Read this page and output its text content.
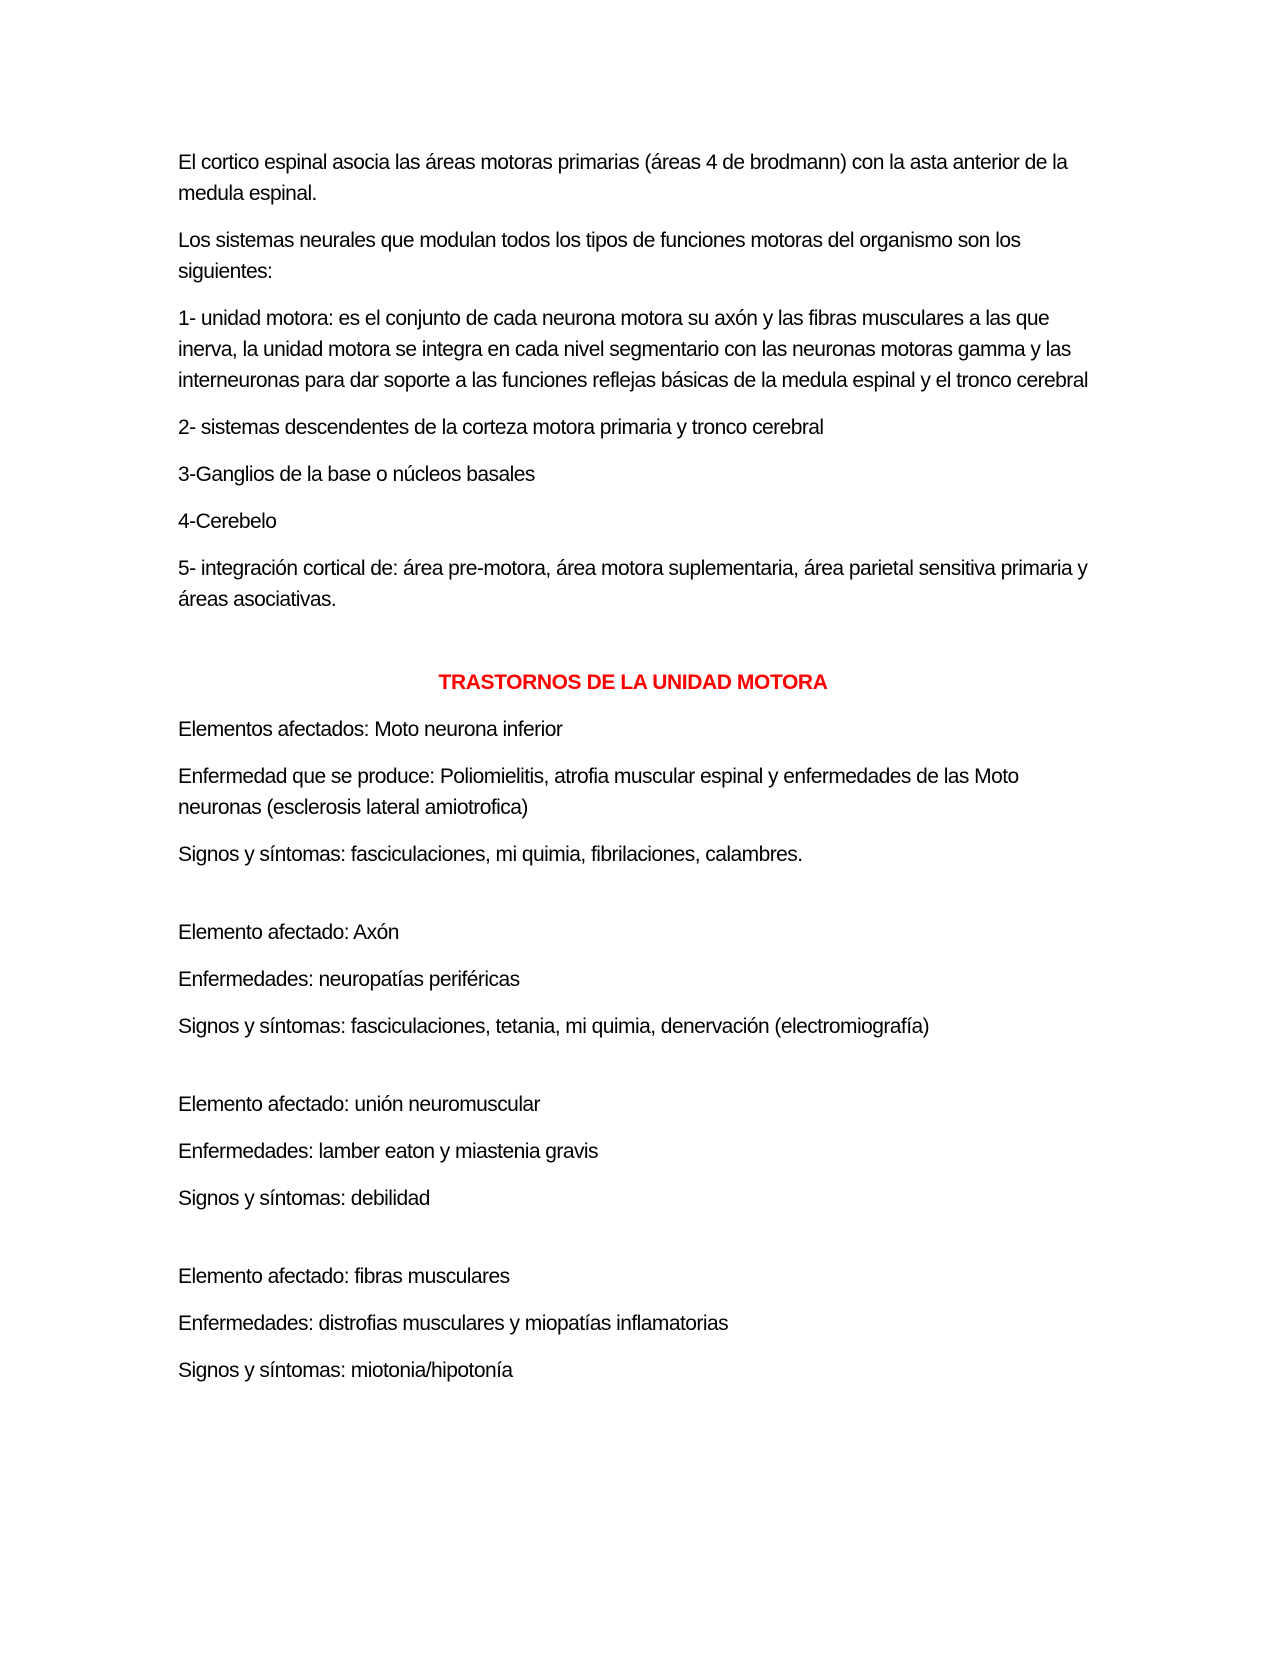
El cortico espinal asocia las áreas motoras primarias (áreas 4 de brodmann) con la asta anterior de la medula espinal.

Los sistemas neurales que modulan todos los tipos de funciones motoras del organismo son los siguientes:

1- unidad motora: es el conjunto de cada neurona motora su axón y las fibras musculares a las que inerva, la unidad motora se integra en cada nivel segmentario con las neuronas motoras gamma y las interneuronas para dar soporte a las funciones reflejas básicas de la medula espinal y el tronco cerebral

2- sistemas descendentes de la corteza motora primaria y tronco cerebral

3-Ganglios de la base o núcleos basales

4-Cerebelo

5- integración cortical de: área pre-motora, área motora suplementaria, área parietal sensitiva primaria y áreas asociativas.

TRASTORNOS DE LA UNIDAD MOTORA

Elementos afectados: Moto neurona inferior

Enfermedad que se produce: Poliomielitis, atrofia muscular espinal y enfermedades de las Moto neuronas (esclerosis lateral amiotrofica)

Signos y síntomas: fasciculaciones, mi quimia, fibrilaciones, calambres.

Elemento afectado: Axón

Enfermedades: neuropatías periféricas

Signos y síntomas: fasciculaciones, tetania, mi quimia, denervación (electromiografía)

Elemento afectado: unión neuromuscular

Enfermedades: lamber eaton y miastenia gravis

Signos y síntomas: debilidad

Elemento afectado: fibras musculares

Enfermedades: distrofias musculares y miopatías inflamatorias

Signos y síntomas: miotonia/hipotonía
